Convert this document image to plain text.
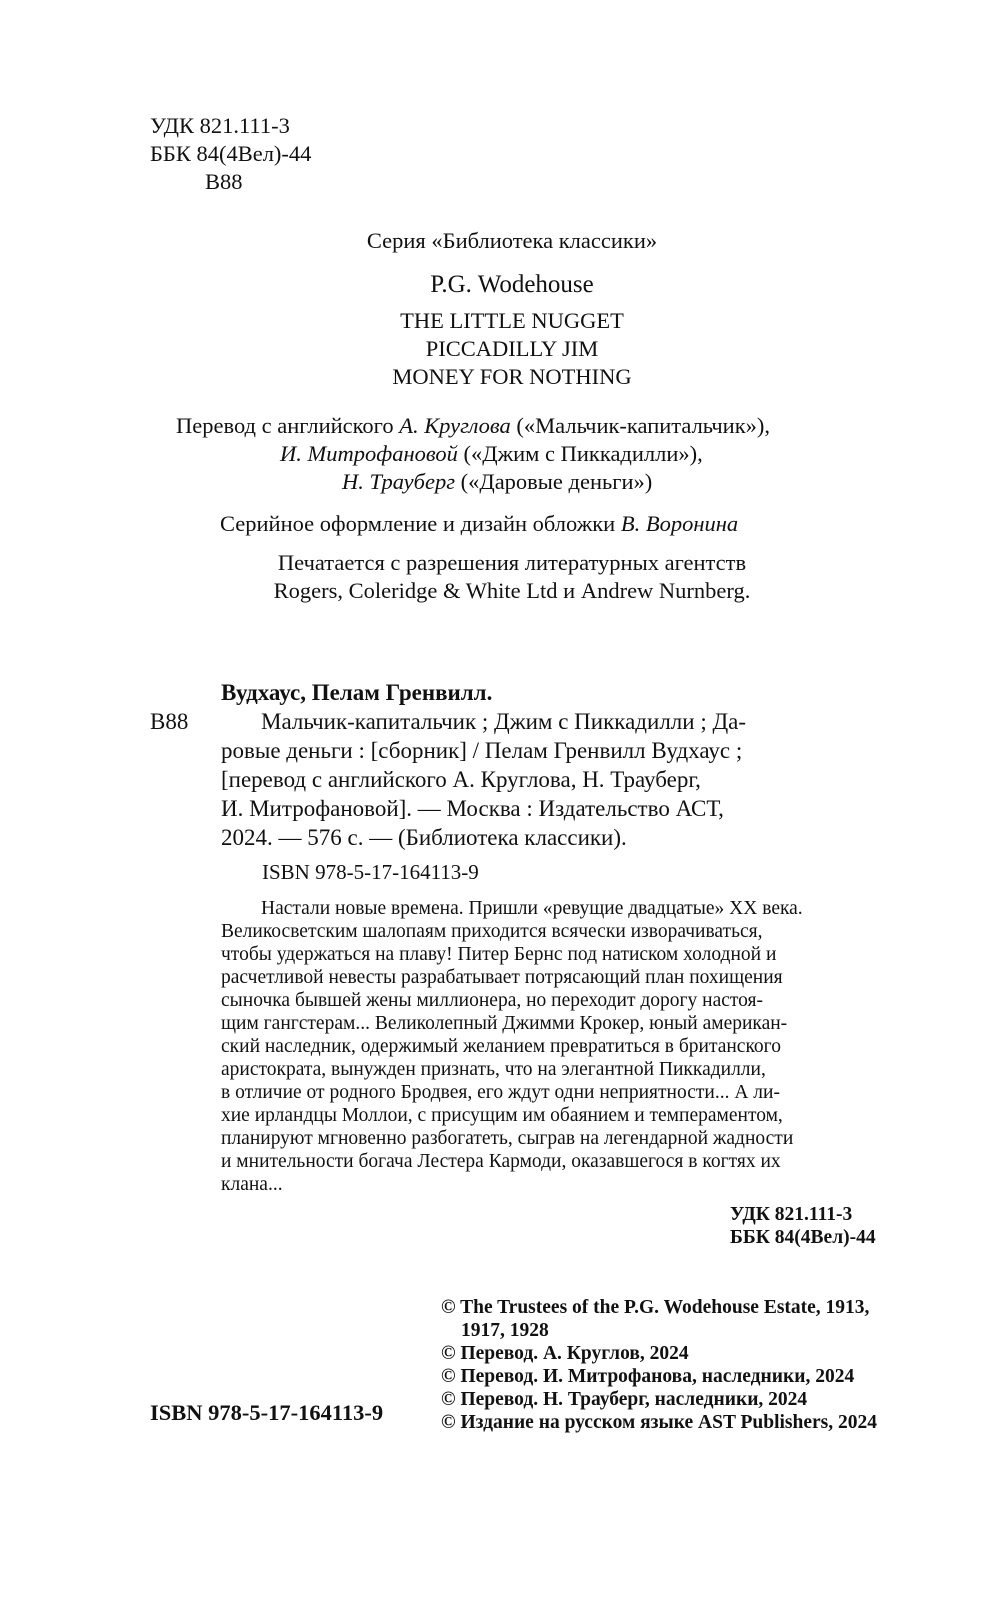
УДК 821.111-3
ББК 84(4Вел)-44
В88
Серия «Библиотека классики»
P.G. Wodehouse
THE LITTLE NUGGET
PICCADILLY JIM
MONEY FOR NOTHING
Перевод с английского А. Круглова («Мальчик-капитальчик»),
И. Митрофановой («Джим с Пиккадилли»),
Н. Трауберг («Даровые деньги»)
Серийное оформление и дизайн обложки В. Воронина
Печатается с разрешения литературных агентств
Rogers, Coleridge & White Ltd и Andrew Nurnberg.
Вудхаус, Пелам Гренвилл.
В88	Мальчик-капитальчик ; Джим с Пиккадилли ; Да-
ровые деньги : [сборник] / Пелам Гренвилл Вудхаус ;
[перевод с английского А. Круглова, Н. Трауберг,
И. Митрофановой]. — Москва : Издательство АСТ,
2024. — 576 с. — (Библиотека классики).
ISBN 978-5-17-164113-9
Настали новые времена. Пришли «ревущие двадцатые» XX века.
Великосветским шалопаям приходится всячески изворачиваться,
чтобы удержаться на плаву! Питер Бернс под натиском холодной и
расчетливой невесты разрабатывает потрясающий план похищения
сыночка бывшей жены миллионера, но переходит дорогу настоя-
щим гангстерам... Великолепный Джимми Крокер, юный американ-
ский наследник, одержимый желанием превратиться в британского
аристократа, вынужден признать, что на элегантной Пиккадилли,
в отличие от родного Бродвея, его ждут одни неприятности... А ли-
хие ирландцы Моллои, с присущим им обаянием и темпераментом,
планируют мгновенно разбогатеть, сыграв на легендарной жадности
и мнительности богача Лестера Кармоди, оказавшегося в когтях их
клана...
УДК 821.111-3
ББК 84(4Вел)-44
ISBN 978-5-17-164113-9
© The Trustees of the P.G. Wodehouse Estate, 1913,
1917, 1928
© Перевод. А. Круглов, 2024
© Перевод. И. Митрофанова, наследники, 2024
© Перевод. Н. Трауберг, наследники, 2024
© Издание на русском языке AST Publishers, 2024
